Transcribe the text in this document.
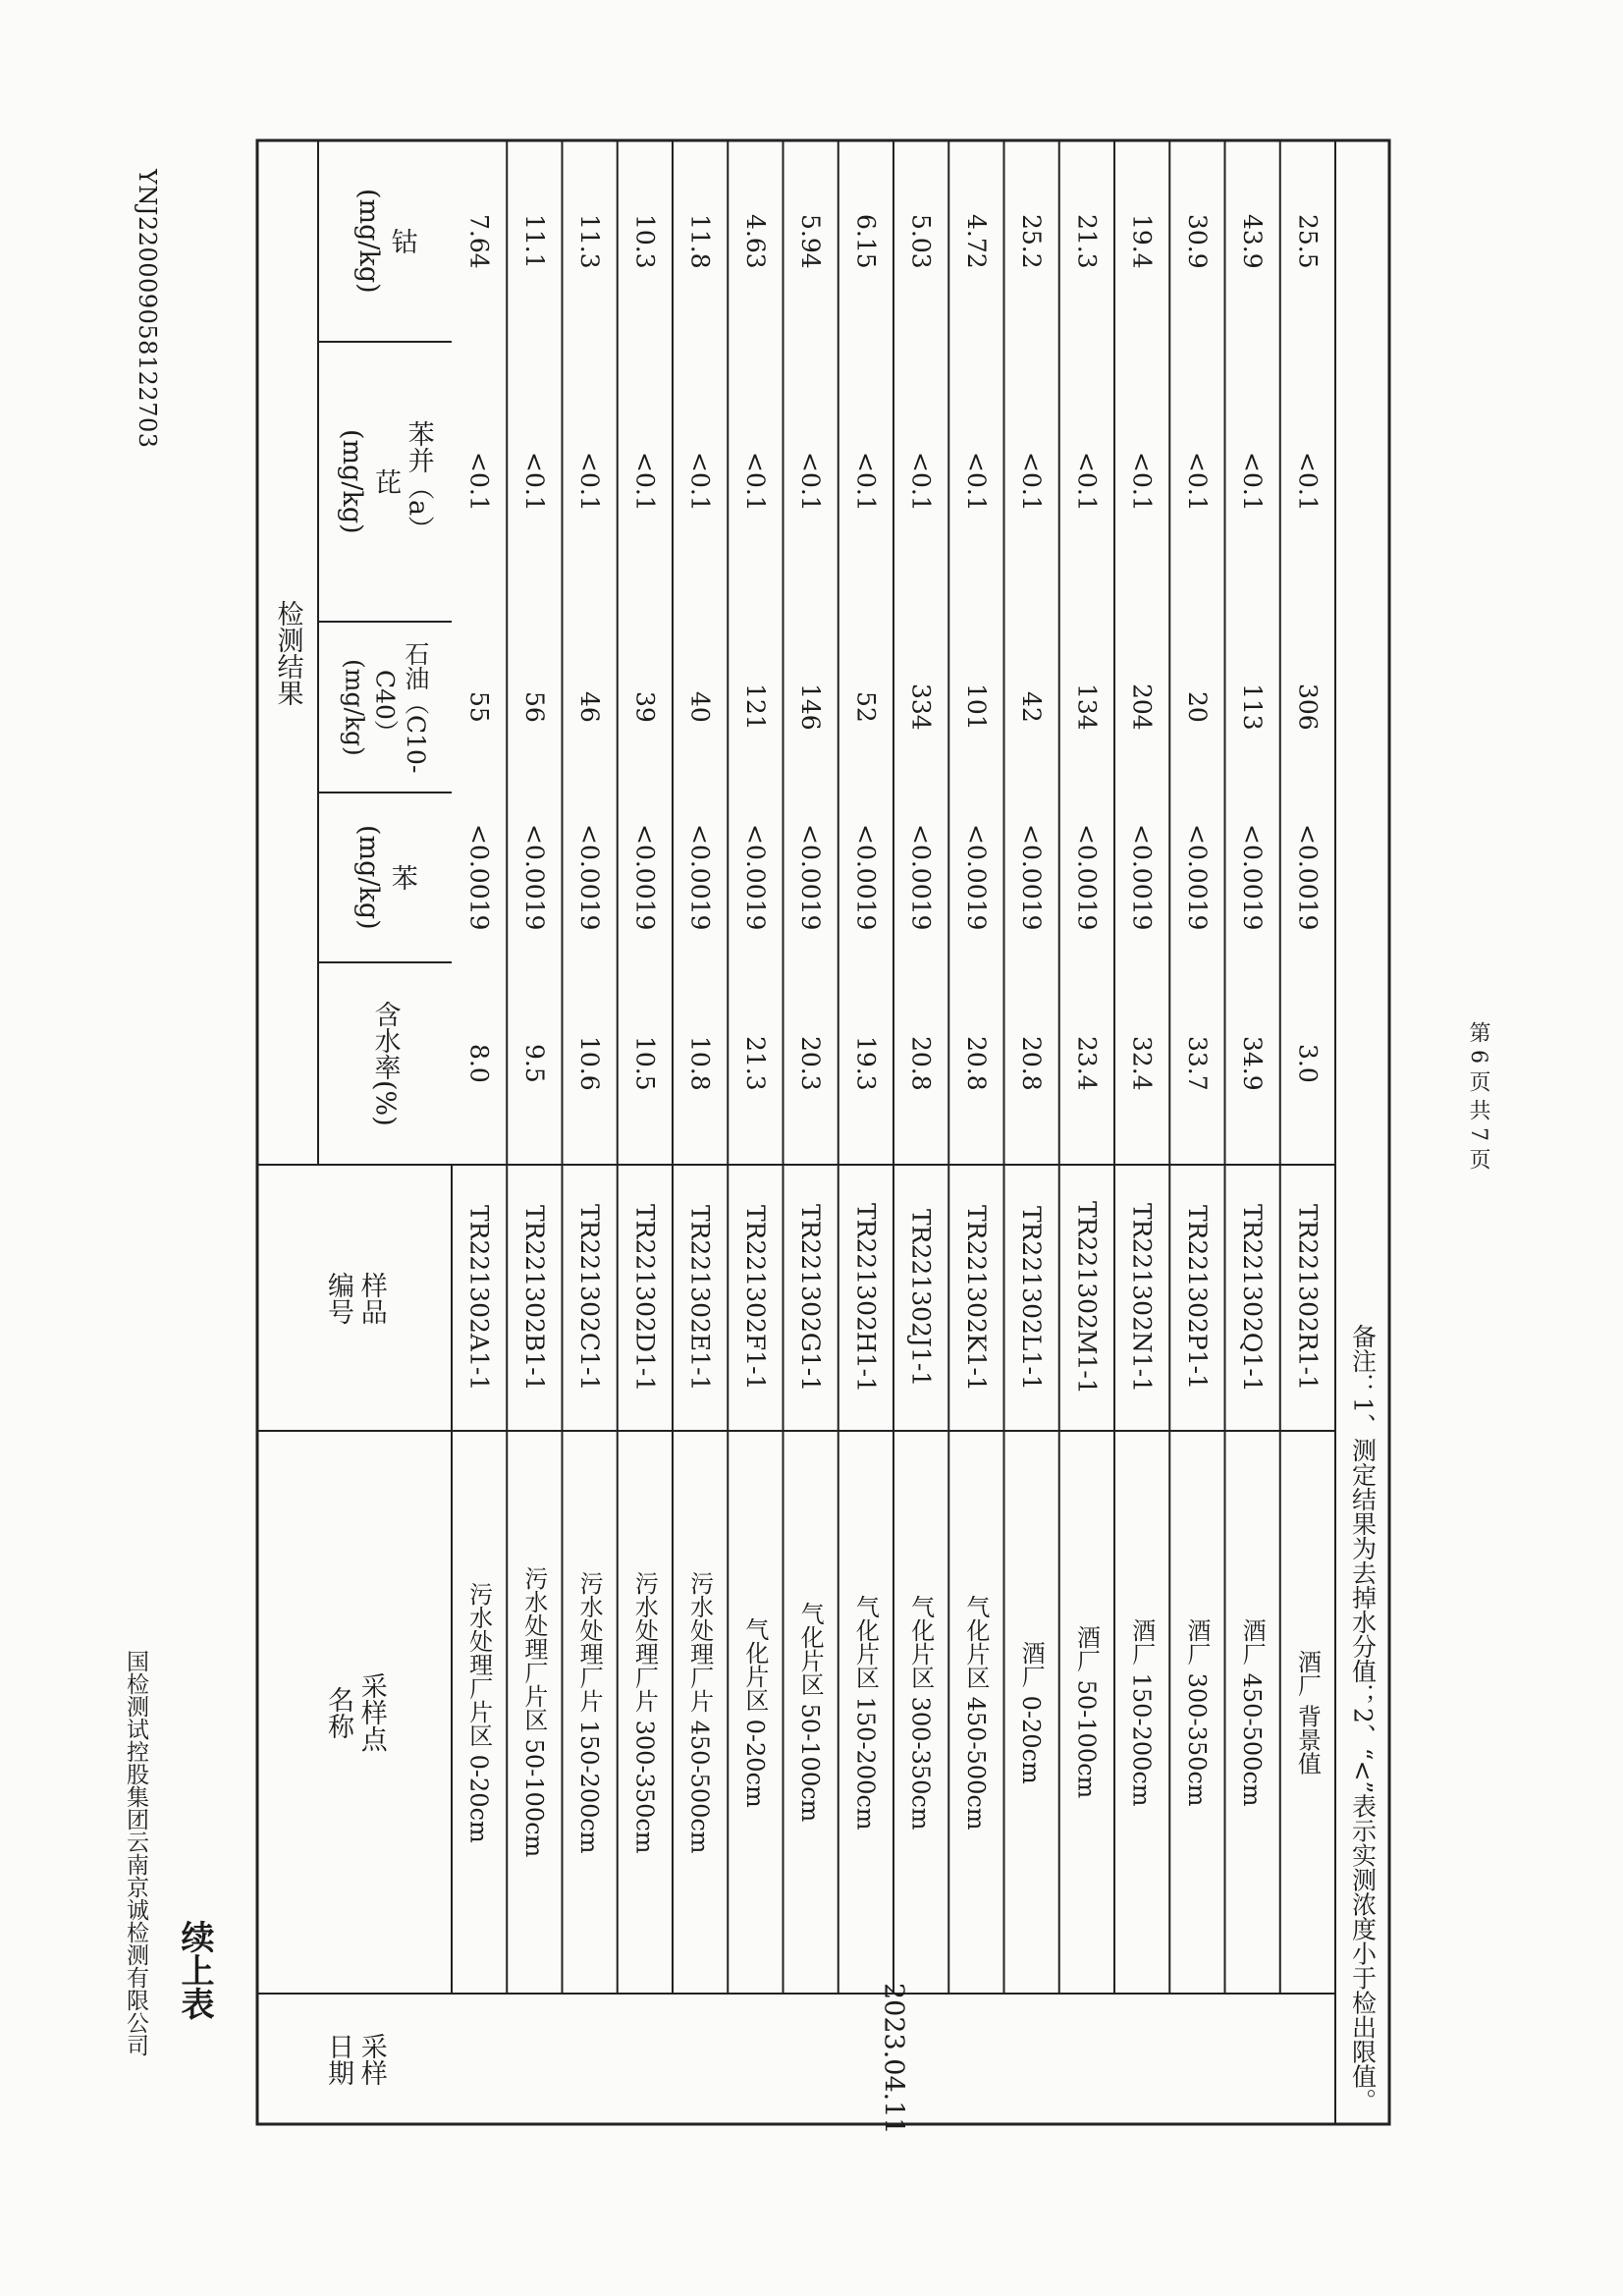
YNJ220009058122703
国检测试控股集团云南京诚检测有限公司 续上表
第 6 页 共 7 页
采样
日期
采样点
名称
样品
编号
检测结果
含水率(%)
苯
(mg/kg)
石油（C10-C40）
(mg/kg)
苯并（a）
芘
(mg/kg)
钴
(mg/kg)
2023.04.11
污水处理厂片区 0-20cm
TR221302A1-1
8.0
<0.0019
55
<0.1
7.64
污水处理厂片区 50-100cm
TR221302B1-1
9.5
<0.0019
56
<0.1
11.1
污水处理厂片 150-200cm
TR221302C1-1
10.6
<0.0019
46
<0.1
11.3
污水处理厂片 300-350cm
TR221302D1-1
10.5
<0.0019
39
<0.1
10.3
污水处理厂片 450-500cm
TR221302E1-1
10.8
<0.0019
40
<0.1
11.8
气化片区 0-20cm
TR221302F1-1
21.3
<0.0019
121
<0.1
4.63
气化片区 50-100cm
TR221302G1-1
20.3
<0.0019
146
<0.1
5.94
气化片区 150-200cm
TR221302H1-1
19.3
<0.0019
52
<0.1
6.15
气化片区 300-350cm
TR221302J1-1
20.8
<0.0019
334
<0.1
5.03
气化片区 450-500cm
TR221302K1-1
20.8
<0.0019
101
<0.1
4.72
酒厂 0-20cm
TR221302L1-1
20.8
<0.0019
42
<0.1
25.2
酒厂 50-100cm
TR221302M1-1
23.4
<0.0019
134
<0.1
21.3
酒厂 150-200cm
TR221302N1-1
32.4
<0.0019
204
<0.1
19.4
酒厂 300-350cm
TR221302P1-1
33.7
<0.0019
20
<0.1
30.9
酒厂 450-500cm
TR221302Q1-1
34.9
<0.0019
113
<0.1
43.9
酒厂 背景值
TR221302R1-1
3.0
<0.0019
306
<0.1
25.5
备注：1、测定结果为去掉水分值；2、“<”表示实测浓度小于检出限值。
